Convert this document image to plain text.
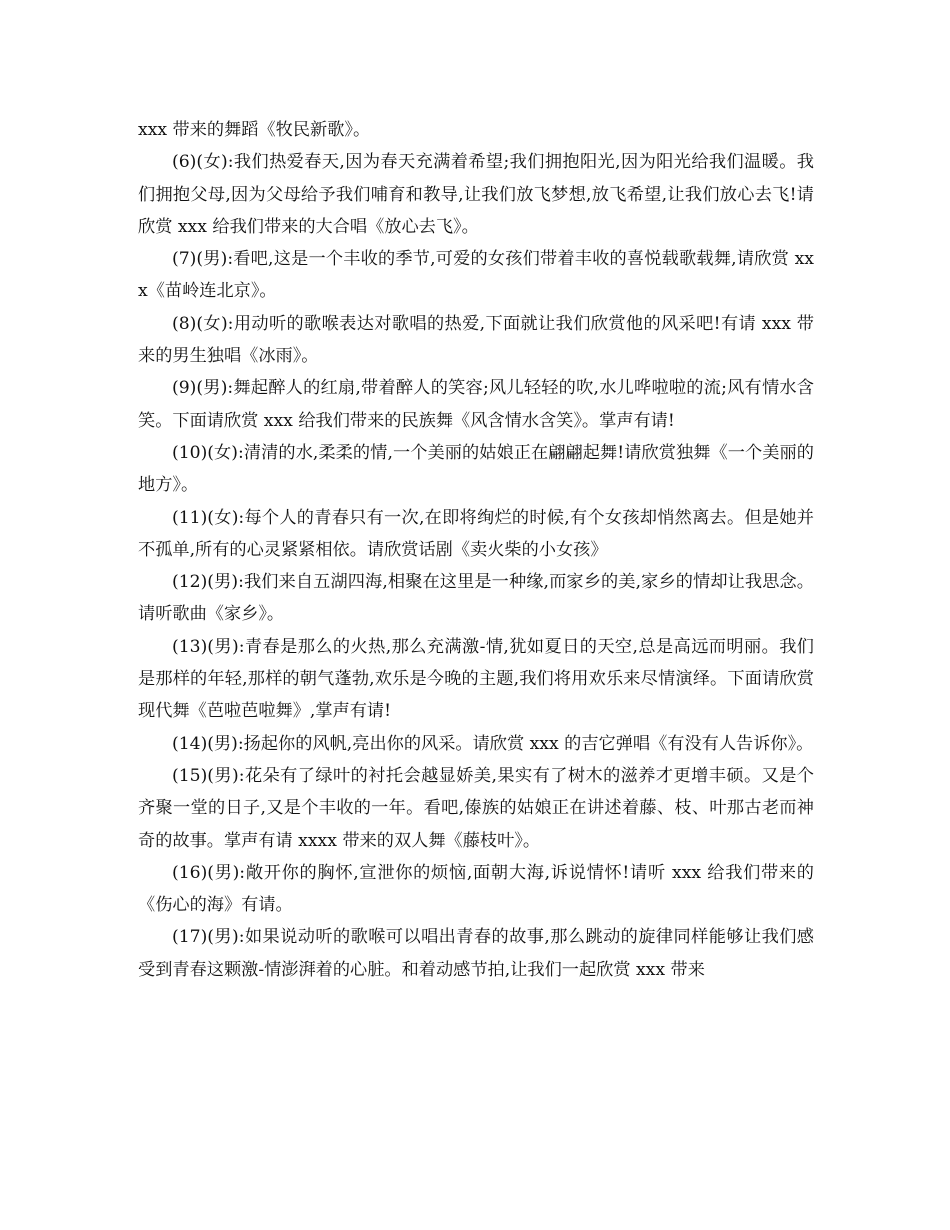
xxx 带来的舞蹈《牧民新歌》。

(6)(女):我们热爱春天,因为春天充满着希望;我们拥抱阳光,因为阳光给我们温暖。我们拥抱父母,因为父母给予我们哺育和教导,让我们放飞梦想,放飞希望,让我们放心去飞!请欣赏 xxx 给我们带来的大合唱《放心去飞》。

(7)(男):看吧,这是一个丰收的季节,可爱的女孩们带着丰收的喜悦载歌载舞,请欣赏 xxx《苗岭连北京》。

(8)(女):用动听的歌喉表达对歌唱的热爱,下面就让我们欣赏他的风采吧!有请 xxx 带来的男生独唱《冰雨》。

(9)(男):舞起醉人的红扇,带着醉人的笑容;风儿轻轻的吹,水儿哗啦啦的流;风有情水含笑。下面请欣赏 xxx 给我们带来的民族舞《风含情水含笑》。掌声有请!

(10)(女):清清的水,柔柔的情,一个美丽的姑娘正在翩翩起舞!请欣赏独舞《一个美丽的地方》。

(11)(女):每个人的青春只有一次,在即将绚烂的时候,有个女孩却悄然离去。但是她并不孤单,所有的心灵紧紧相依。请欣赏话剧《卖火柴的小女孩》

(12)(男):我们来自五湖四海,相聚在这里是一种缘,而家乡的美,家乡的情却让我思念。请听歌曲《家乡》。

(13)(男):青春是那么的火热,那么充满激-情,犹如夏日的天空,总是高远而明丽。我们是那样的年轻,那样的朝气蓬勃,欢乐是今晚的主题,我们将用欢乐来尽情演绎。下面请欣赏现代舞《芭啦芭啦舞》,掌声有请!

(14)(男):扬起你的风帆,亮出你的风采。请欣赏 xxx 的吉它弹唱《有没有人告诉你》。

(15)(男):花朵有了绿叶的衬托会越显娇美,果实有了树木的滋养才更增丰硕。又是个齐聚一堂的日子,又是个丰收的一年。看吧,傣族的姑娘正在讲述着藤、枝、叶那古老而神奇的故事。掌声有请 xxxx 带来的双人舞《藤枝叶》。

(16)(男):敞开你的胸怀,宣泄你的烦恼,面朝大海,诉说情怀!请听 xxx 给我们带来的《伤心的海》有请。

(17)(男):如果说动听的歌喉可以唱出青春的故事,那么跳动的旋律同样能够让我们感受到青春这颗激-情澎湃着的心脏。和着动感节拍,让我们一起欣赏 xxx 带来
